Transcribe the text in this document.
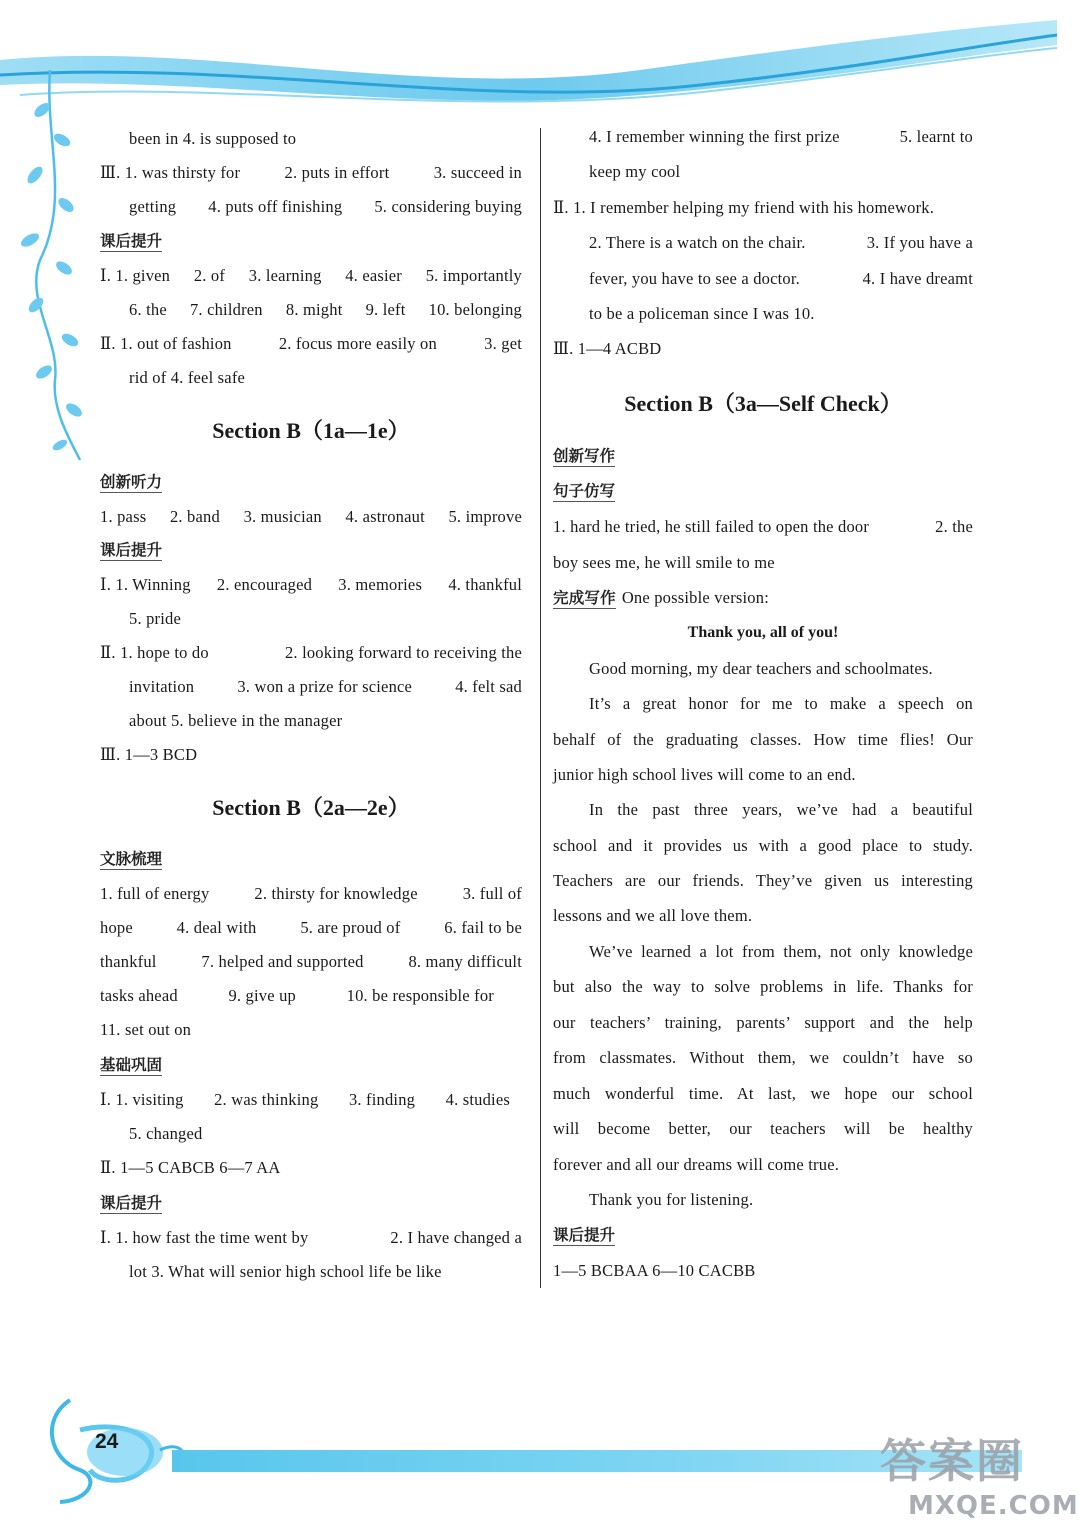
been in 4. is supposed to
Ⅲ. 1. was thirsty for	2. puts in effort	3. succeed in
getting 4. puts off finishing 5. considering buying
课后提升
Ⅰ. 1. given 2. of 3. learning 4. easier 5. importantly
6. the 7. children 8. might 9. left 10. belonging
Ⅱ. 1. out of fashion	2. focus more easily on	3. get
rid of 4. feel safe
Section B（1a—1e）
创新听力
1. pass 2. band 3. musician 4. astronaut 5. improve
课后提升
Ⅰ. 1. Winning 2. encouraged 3. memories 4. thankful
5. pride
Ⅱ. 1. hope to do	2. looking forward to receiving the
invitation	3. won a prize for science	4. felt sad
about 5. believe in the manager
Ⅲ. 1—3 BCD
Section B（2a—2e）
文脉梳理
1. full of energy	2. thirsty for knowledge	3. full of
hope	4. deal with	5. are proud of	6. fail to be
thankful	7. helped and supported	8. many difficult
tasks ahead	9. give up	10. be responsible for
11. set out on
基础巩固
Ⅰ. 1. visiting 2. was thinking 3. finding 4. studies
5. changed
Ⅱ. 1—5 CABCB 6—7 AA
课后提升
Ⅰ. 1. how fast the time went by	2. I have changed a
lot 3. What will senior high school life be like
4. I remember winning the first prize	5. learnt to
keep my cool
Ⅱ. 1. I remember helping my friend with his homework.
2. There is a watch on the chair.	3. If you have a
fever, you have to see a doctor.	4. I have dreamt
to be a policeman since I was 10.
Ⅲ. 1—4 ACBD
Section B（3a—Self Check）
创新写作
句子仿写
1. hard he tried, he still failed to open the door	2. the
boy sees me, he will smile to me
完成写作 One possible version:
Thank you, all of you!
Good morning, my dear teachers and schoolmates.
It’s a great honor for me to make a speech on
behalf of the graduating classes. How time flies! Our
junior high school lives will come to an end.
In the past three years, we’ve had a beautiful
school and it provides us with a good place to study.
Teachers are our friends. They’ve given us interesting
lessons and we all love them.
We’ve learned a lot from them, not only knowledge
but also the way to solve problems in life. Thanks for
our teachers’ training, parents’ support and the help
from classmates. Without them, we couldn’t have so
much wonderful time. At last, we hope our school
will become better, our teachers will be healthy
forever and all our dreams will come true.
Thank you for listening.
课后提升
1—5 BCBAA 6—10 CACBB
24	答案圈
MXQE.COM
